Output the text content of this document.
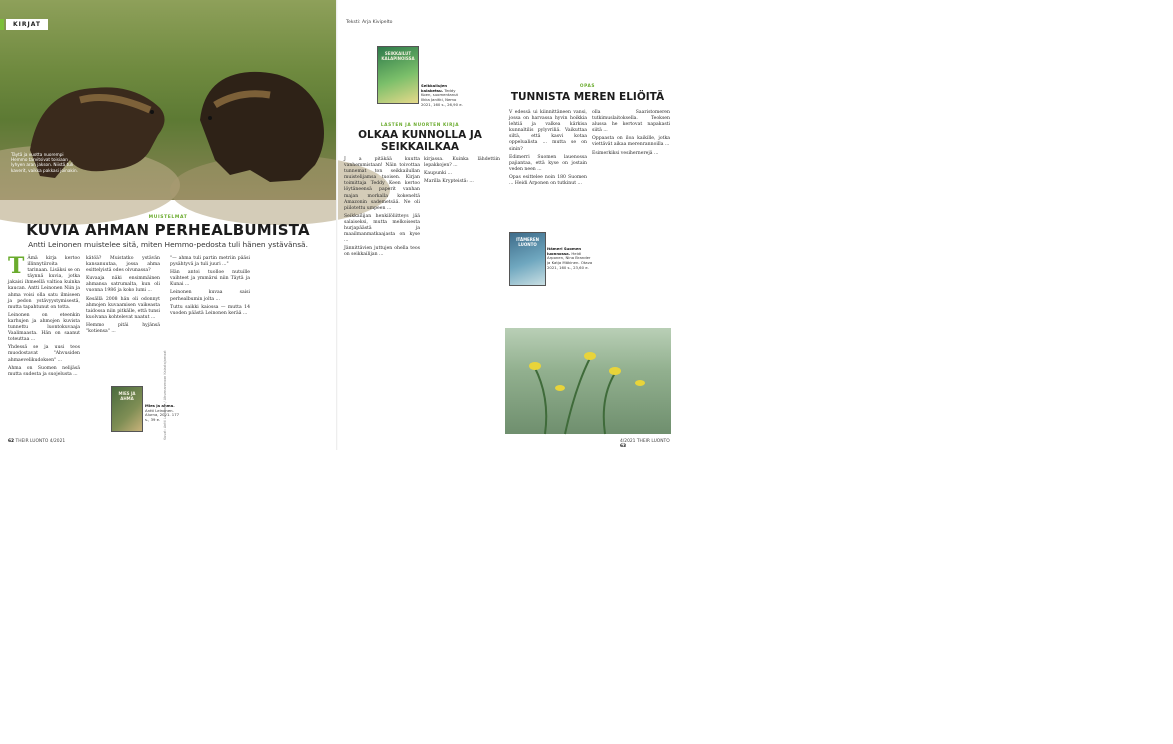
KIRJAT
Täytä ja vuotta nuorempi Hemmo tarvitsivat toisiaan lyhyen aran jakson. Niistä tuli kaverit, vaikka pakkasi joinakin.
MUISTELMAT
KUVIA AHMAN PERHEALBUMISTA
Antti Leinonen muistelee sitä, miten Hemmo-pedosta tuli hänen ystävänsä.

T Ämä kirja kertoo illinnytiiroita tarinaan. Lisäksi se on täynnä kuvia, jotka jakaisi ihmeellä valtioa kuinka kaucan. Antti Leinonen Niin ja ahma voisi olla satu ilmiseen ja pedon ystävyystymisestä, mutta tapahtunut on totta.

Leinonen on eteenkin karhujen ja ahmojen kuvista tunnettu luontokuvaaja Vaalimaasta. Hän on saanut toteuttaa ...

Yhdessä se ja uusi teos muodostavat "Ahvusiden ahmaevelikudoksen" ...

Ahma on Suomen nelijäsä mutta sudesta ja suojelusta ...

kätöä? Muistatko ystävän kansanuutaa, jossa ahma esittelyistä odes olvunassa?

Kuvaaja näki ensimmäinen ahmansa satrumalta, kun oli vuonna 1986 ja koko lumi ...

Kesällä 2008 hän oli odonnyt ahmojen kuvaamisen vaikeasta taidossa niin pitkälle, että tunsi kuolvana kohtelevat naatut ...

Hemmo pitäi hyjänsä "kotiensa" ...

"— ahma tuli partin metriin pääsi pysähtyvä ja tuli juuri ..."

Hän antoi tuolloe nutuille vaihteet ja ymmärsi niin Täytä ja Kunai ...

Leinonen kuvaa saisi perhealbumin jolta ...

Tuttu saikki kaiossa — mutta 14 vuoden päästä Leinonen kerää ...

MIES JA AHMA
Mies ja ahma. Antti Leinonen. Alurna, 2021. 177 s., 39 e. Kuvat: Antti Leinonen / Ahvenanmaan Kalastajamaat
62 THEIR LUONTO 4/2021
Teksti: Arja Kivipelto
SEIKKAILUT KALAPINOISSA
Seikkailujen kalaketsu. Teddy Koen, suomentanut Ilkka Janitki, Nemo 2021, 160 s., 26,90 e.
LASTEN JA NUORTEN KIRJA
OLKAA KUNNOLLA JA SEIKKAILKAA

J a pitäkää kuutta vanhemmistaan! Näin toivottaa tunnemat ton seikkailullan muistelijamsa tuoisen. Kirjan toimittaja Teddy Keen kertoo löytäneensä paperit vanhan majan morkalla kokeneltä Amazonin sademetsää. Ne oli piilotettu umpeen ...

Seikkailijan henkilöliitteys jää salaiseksi, mutta melkoisesta hurjapäästä ja maailmanmatkaajasta on kyse ...

Jännittävien juttujen ohella teos on seikkailijan ...

kirjassa. Kuinka lähdettiin lepakkojen? ...

Kaupunki ...

Marilla Krypteistä: ...

OPAS
TUNNISTA MEREN ELIÖITÄ

V edessä ui kiinnittäneen vansi, jossa on harvassa hyvin hoikkia lehtiä ja valkea kärkisa kunnaltilis pylyvriliä. Vaikuttaa siltä, että kasvi kotaa oppelualista ... mutta se on sinin?

Edimerri Suomen lauenossa pajiantaa, että kyse on jostain veden neen ...

Opas esittelee noin 180 Suomen ... Heidi Arponen on tutkinut ...

olla Saaristomeren tutkimuslaitoksella. Teoksen alussa he kertovat napakasti siitä ...

Oppaasta on iloa kaikille, jotka viettävät aikaa merenrannoilla ...

Esimerkiksi vesihernerejä ...

ITÄMEREN LUONTO
Itämeri Suomen luonnossa. Heidi Arponen, Nina Brander ja Katja Mäkinen. Otava 2021, 160 s., 23,60 e.
Vesiherne on upea kasvi, jonka kellumia kukkia voivat viikyvillä.
4/2021 THEIR LUONTO 63
